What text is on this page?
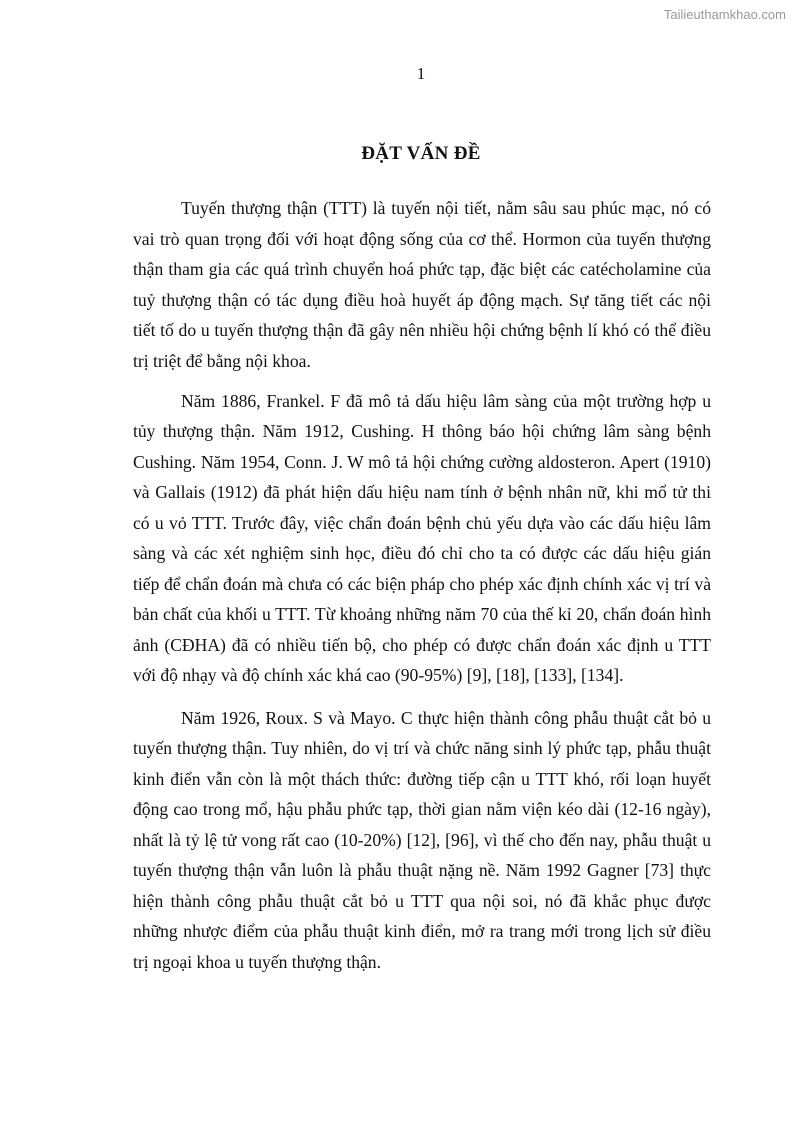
Tailieuthamkhao.com
1
ĐẶT VẤN ĐỀ

Tuyến thượng thận (TTT) là tuyến nội tiết, nằm sâu sau phúc mạc, nó có vai trò quan trọng đối với hoạt động sống của cơ thể. Hormon của tuyến thượng thận tham gia các quá trình chuyển hoá phức tạp, đặc biệt các catécholamine của tuỷ thượng thận có tác dụng điều hoà huyết áp động mạch. Sự tăng tiết các nội tiết tố do u tuyến thượng thận đã gây nên nhiều hội chứng bệnh lí khó có thể điều trị triệt để bằng nội khoa.

Năm 1886, Frankel. F đã mô tả dấu hiệu lâm sàng của một trường hợp u tủy thượng thận. Năm 1912, Cushing. H thông báo hội chứng lâm sàng bệnh Cushing. Năm 1954, Conn. J. W mô tả hội chứng cường aldosteron. Apert (1910) và Gallais (1912) đã phát hiện dấu hiệu nam tính ở bệnh nhân nữ, khi mổ tử thi có u vỏ TTT. Trước đây, việc chẩn đoán bệnh chủ yếu dựa vào các dấu hiệu lâm sàng và các xét nghiệm sinh học, điều đó chỉ cho ta có được các dấu hiệu gián tiếp để chẩn đoán mà chưa có các biện pháp cho phép xác định chính xác vị trí và bản chất của khối u TTT. Từ khoảng những năm 70 của thế kỉ 20, chẩn đoán hình ảnh (CĐHA) đã có nhiều tiến bộ, cho phép có được chẩn đoán xác định u TTT với độ nhạy và độ chính xác khá cao (90-95%) [9], [18], [133], [134].

Năm 1926, Roux. S và Mayo. C thực hiện thành công phẫu thuật cắt bỏ u tuyến thượng thận. Tuy nhiên, do vị trí và chức năng sinh lý phức tạp, phẫu thuật kinh điển vẫn còn là một thách thức: đường tiếp cận u TTT khó, rối loạn huyết động cao trong mổ, hậu phẫu phức tạp, thời gian nằm viện kéo dài (12-16 ngày), nhất là tỷ lệ tử vong rất cao (10-20%) [12], [96], vì thế cho đến nay, phẫu thuật u tuyến thượng thận vẫn luôn là phẫu thuật nặng nề. Năm 1992 Gagner [73] thực hiện thành công phẫu thuật cắt bỏ u TTT qua nội soi, nó đã khắc phục được những nhược điểm của phẫu thuật kinh điển, mở ra trang mới trong lịch sử điều trị ngoại khoa u tuyến thượng thận.
